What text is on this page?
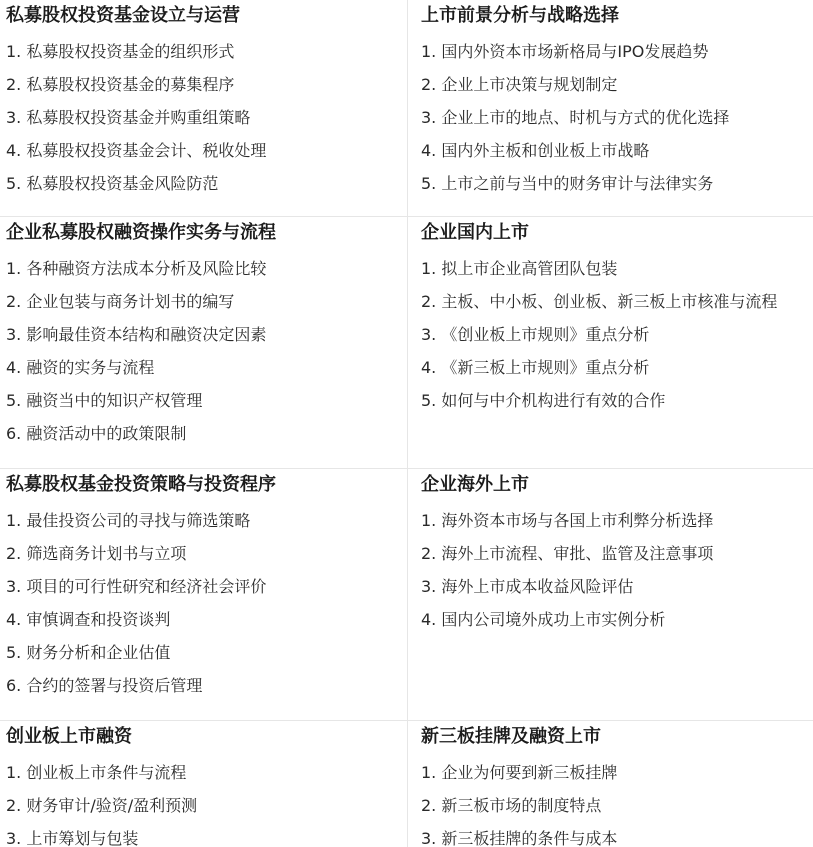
私募股权投资基金设立与运营
1. 私募股权投资基金的组织形式
2. 私募股权投资基金的募集程序
3. 私募股权投资基金并购重组策略
4. 私募股权投资基金会计、税收处理
5. 私募股权投资基金风险防范
上市前景分析与战略选择
1. 国内外资本市场新格局与IPO发展趋势
2. 企业上市决策与规划制定
3. 企业上市的地点、时机与方式的优化选择
4. 国内外主板和创业板上市战略
5. 上市之前与当中的财务审计与法律实务
企业私募股权融资操作实务与流程
1. 各种融资方法成本分析及风险比较
2. 企业包装与商务计划书的编写
3. 影响最佳资本结构和融资决定因素
4. 融资的实务与流程
5. 融资当中的知识产权管理
6. 融资活动中的政策限制
企业国内上市
1. 拟上市企业高管团队包装
2. 主板、中小板、创业板、新三板上市核准与流程
3. 《创业板上市规则》重点分析
4. 《新三板上市规则》重点分析
5. 如何与中介机构进行有效的合作
私募股权基金投资策略与投资程序
1. 最佳投资公司的寻找与筛选策略
2. 筛选商务计划书与立项
3. 项目的可行性研究和经济社会评价
4. 审慎调查和投资谈判
5. 财务分析和企业估值
6. 合约的签署与投资后管理
企业海外上市
1. 海外资本市场与各国上市利弊分析选择
2. 海外上市流程、审批、监管及注意事项
3. 海外上市成本收益风险评估
4. 国内公司境外成功上市实例分析
创业板上市融资
1. 创业板上市条件与流程
2. 财务审计/验资/盈利预测
3. 上市筹划与包装
新三板挂牌及融资上市
1. 企业为何要到新三板挂牌
2. 新三板市场的制度特点
3. 新三板挂牌的条件与成本
